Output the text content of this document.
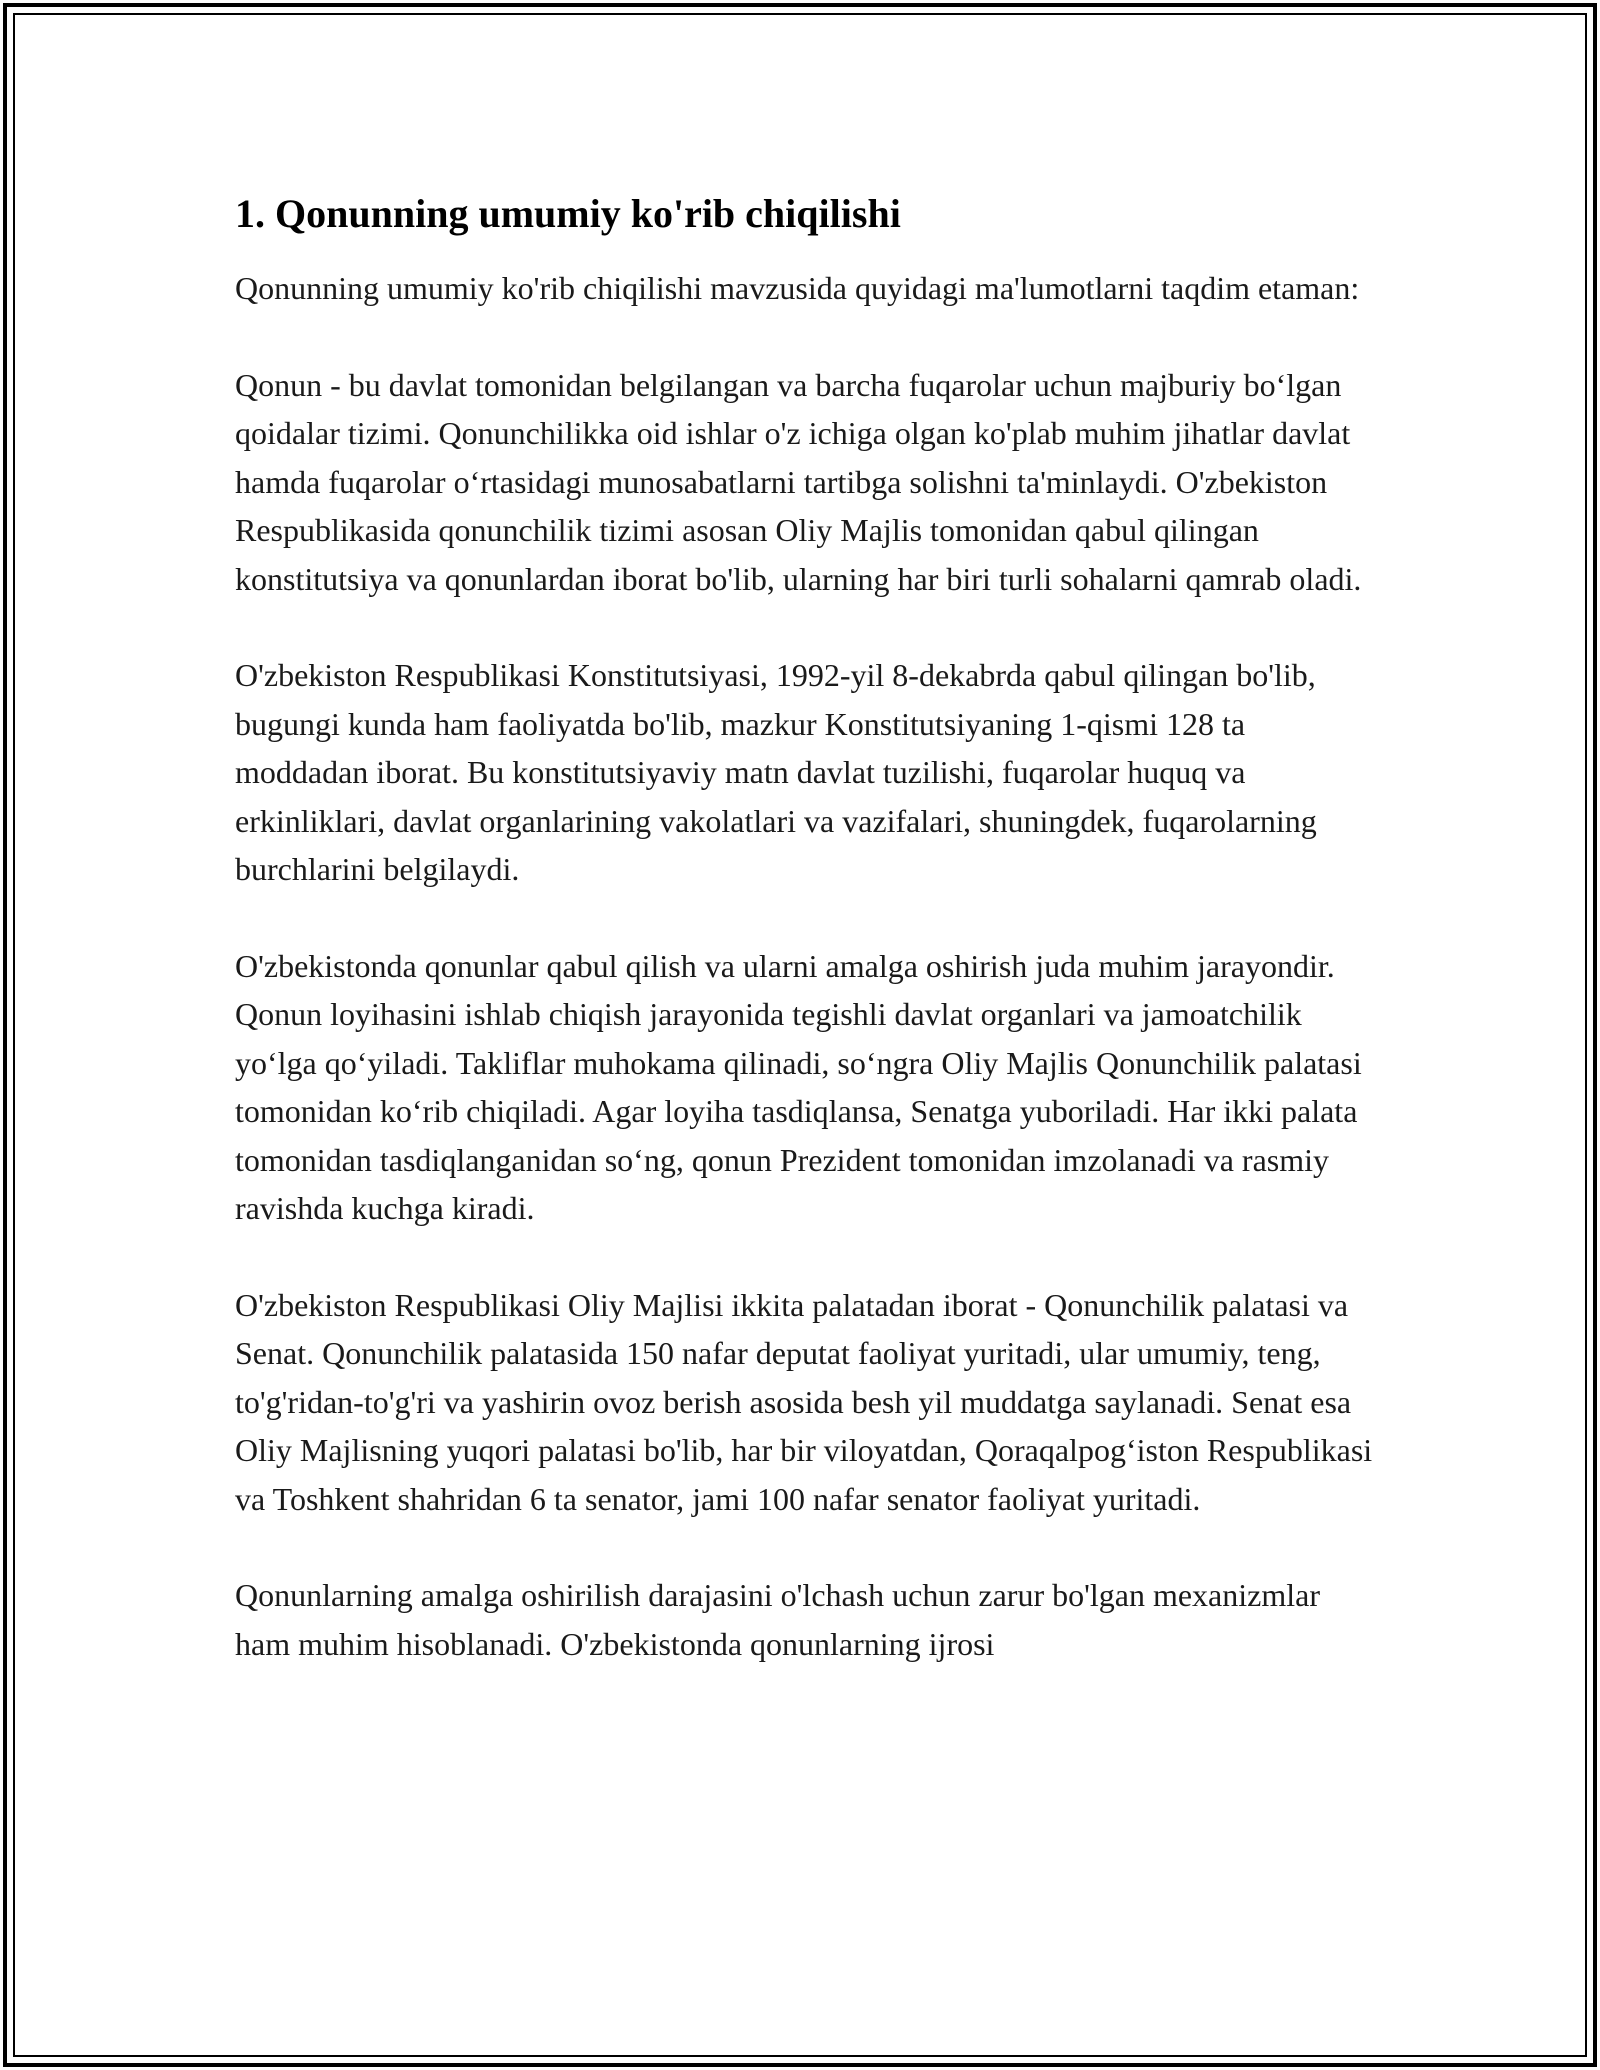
1. Qonunning umumiy ko'rib chiqilishi

Qonunning umumiy ko'rib chiqilishi mavzusida quyidagi ma'lumotlarni taqdim etaman:

Qonun - bu davlat tomonidan belgilangan va barcha fuqarolar uchun majburiy bo‘lgan qoidalar tizimi. Qonunchilikka oid ishlar o'z ichiga olgan ko'plab muhim jihatlar davlat hamda fuqarolar o‘rtasidagi munosabatlarni tartibga solishni ta'minlaydi. O'zbekiston Respublikasida qonunchilik tizimi asosan Oliy Majlis tomonidan qabul qilingan konstitutsiya va qonunlardan iborat bo'lib, ularning har biri turli sohalarni qamrab oladi.

O'zbekiston Respublikasi Konstitutsiyasi, 1992-yil 8-dekabrda qabul qilingan bo'lib, bugungi kunda ham faoliyatda bo'lib, mazkur Konstitutsiyaning 1-qismi 128 ta moddadan iborat. Bu konstitutsiyaviy matn davlat tuzilishi, fuqarolar huquq va erkinliklari, davlat organlarining vakolatlari va vazifalari, shuningdek, fuqarolarning burchlarini belgilaydi.

O'zbekistonda qonunlar qabul qilish va ularni amalga oshirish juda muhim jarayondir. Qonun loyihasini ishlab chiqish jarayonida tegishli davlat organlari va jamoatchilik yo‘lga qo‘yiladi. Takliflar muhokama qilinadi, so‘ngra Oliy Majlis Qonunchilik palatasi tomonidan ko‘rib chiqiladi. Agar loyiha tasdiqlansa, Senatga yuboriladi. Har ikki palata tomonidan tasdiqlanganidan so‘ng, qonun Prezident tomonidan imzolanadi va rasmiy ravishda kuchga kiradi.

O'zbekiston Respublikasi Oliy Majlisi ikkita palatadan iborat - Qonunchilik palatasi va Senat. Qonunchilik palatasida 150 nafar deputat faoliyat yuritadi, ular umumiy, teng, to'g'ridan-to'g'ri va yashirin ovoz berish asosida besh yil muddatga saylanadi. Senat esa Oliy Majlisning yuqori palatasi bo'lib, har bir viloyatdan, Qoraqalpog‘iston Respublikasi va Toshkent shahridan 6 ta senator, jami 100 nafar senator faoliyat yuritadi.

Qonunlarning amalga oshirilish darajasini o'lchash uchun zarur bo'lgan mexanizmlar ham muhim hisoblanadi. O'zbekistonda qonunlarning ijrosi
